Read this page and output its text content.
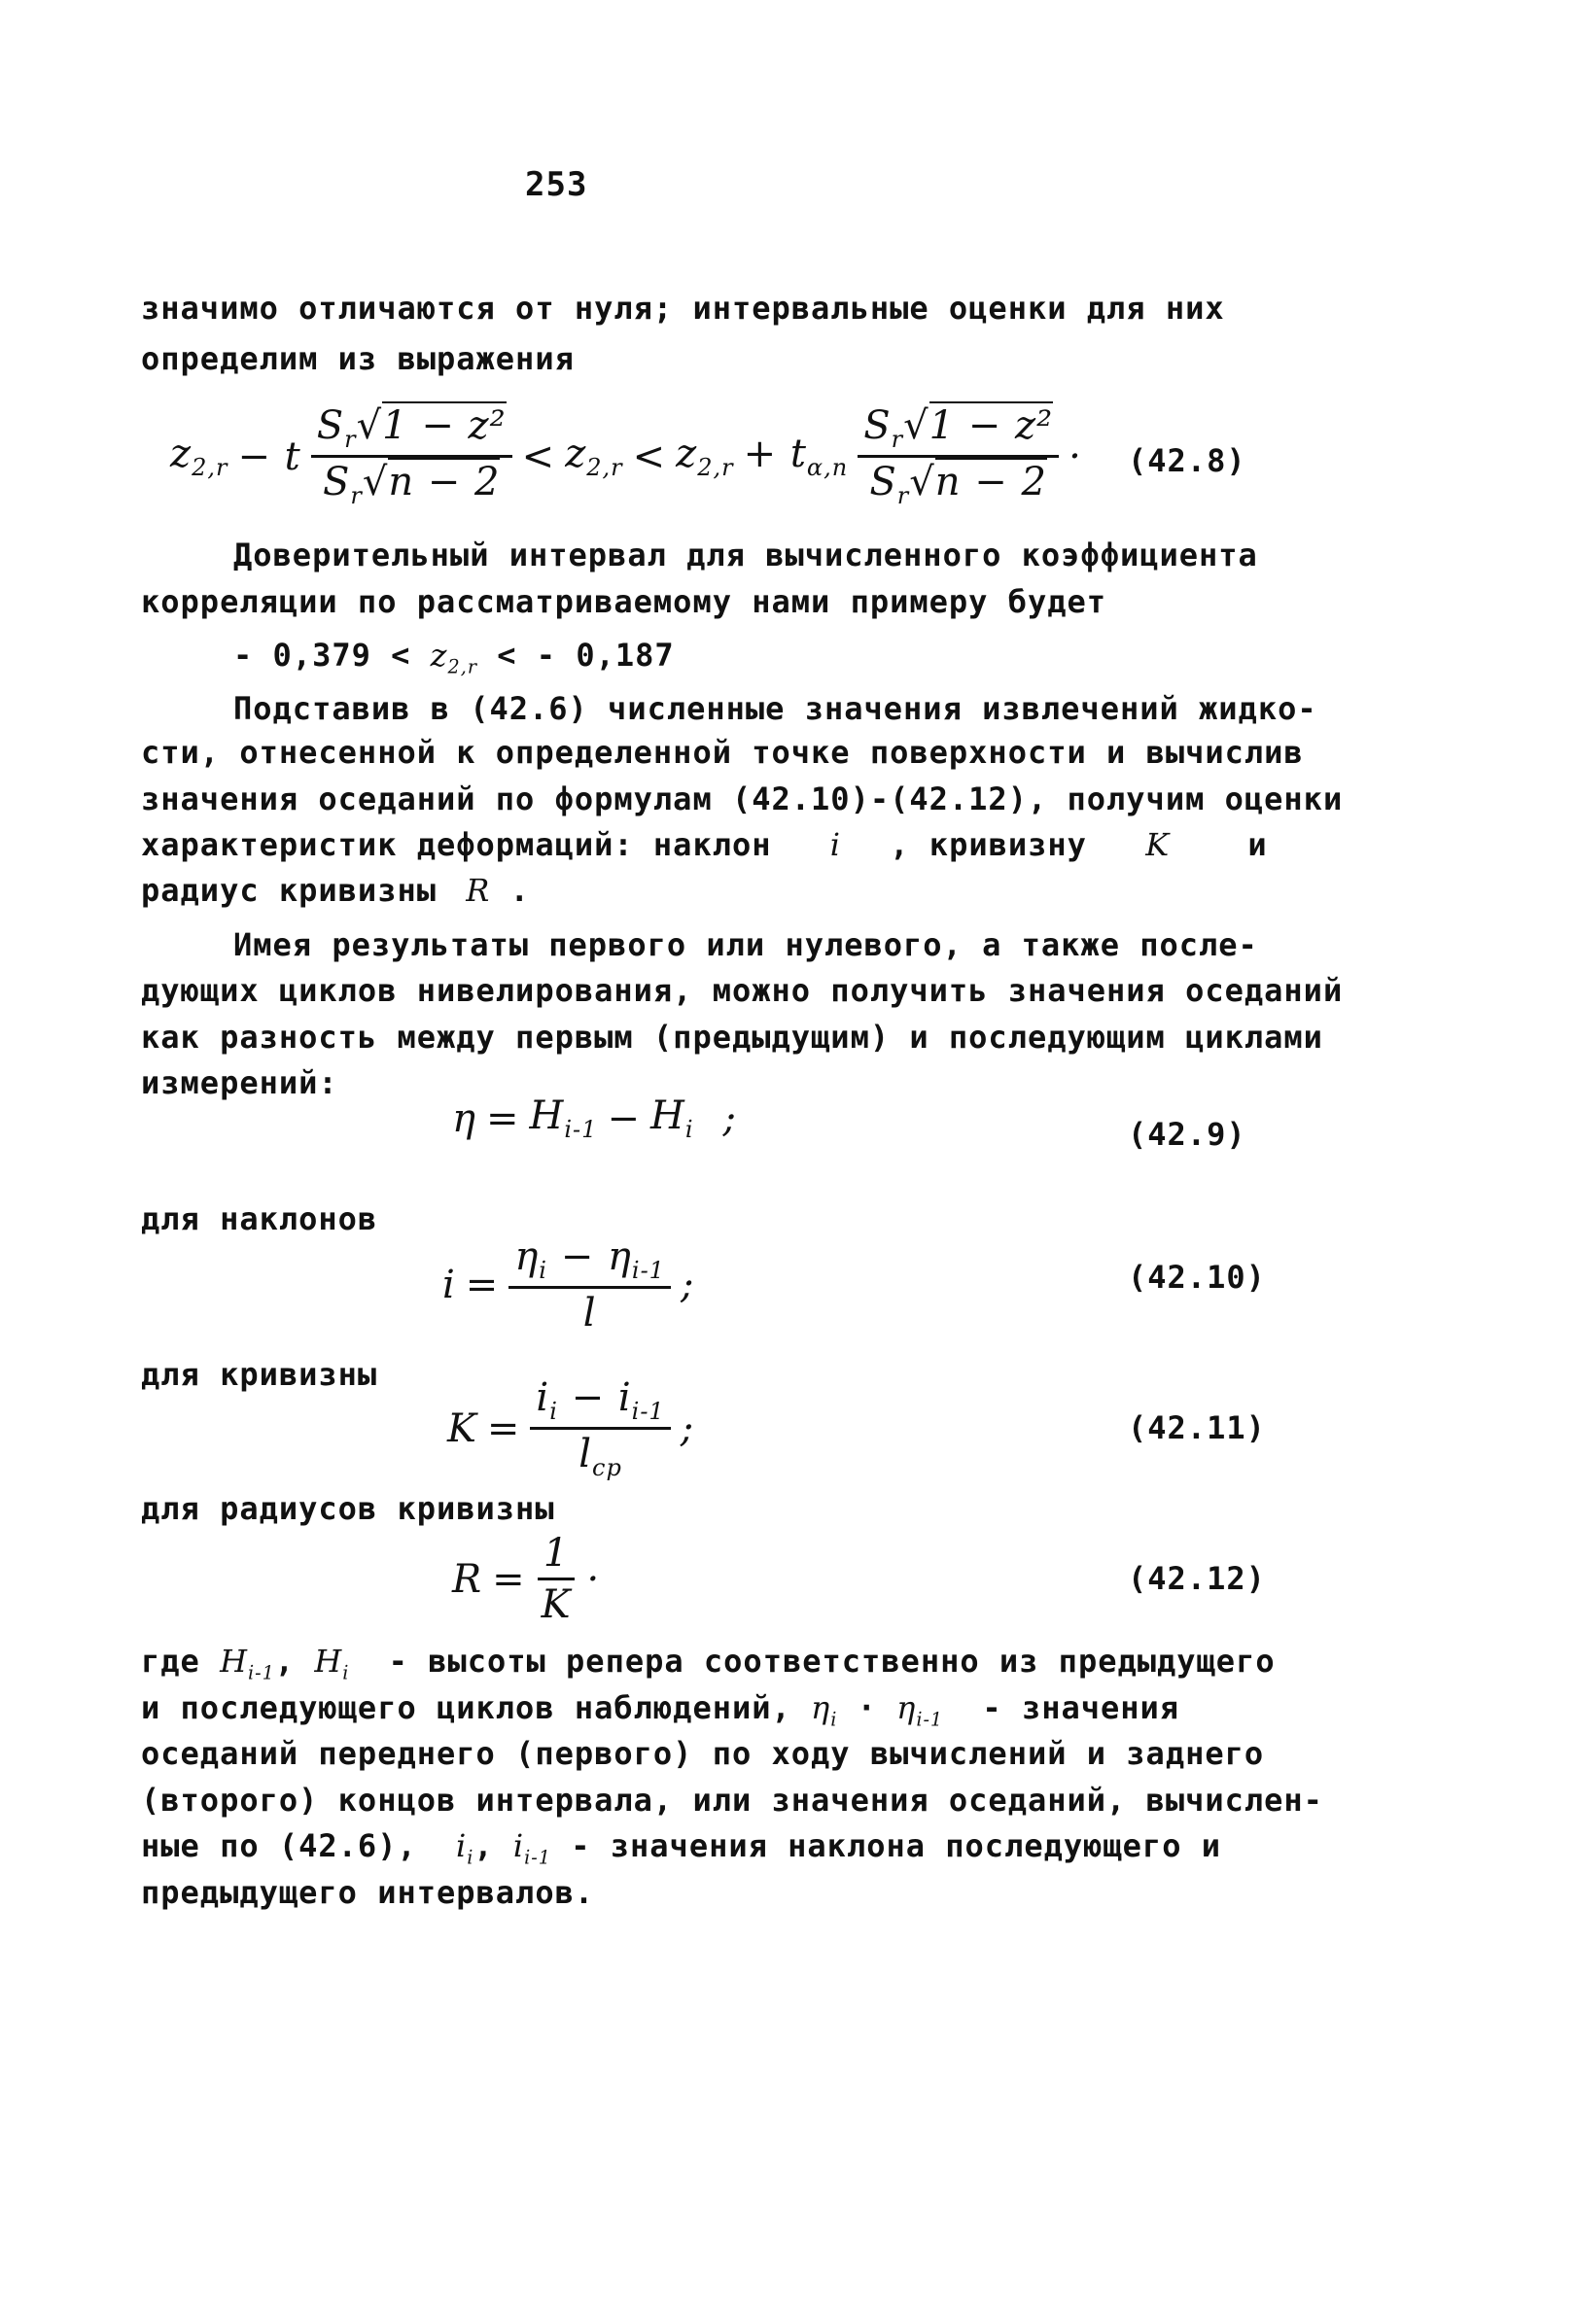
253
значимо отличаются от нуля; интервальные оценки для них
определим из выражения
$z_{2,r} - t \frac{S_r√1 - z^2}{S_r√n - 2} < z_{2,r} < z_{2,r} + t_{\alpha,n} \frac{S_r√1 - z^2}{S_r√n - 2} \cdot (42.8)$
Доверительный интервал для вычисленного коэффициента
корреляции по рассматриваемому нами примеру будет
- $0,379 < z_{2,r}$ < - 0,187
Подставив в (42.6) численные значения извлечений жидко-
сти, отнесенной к определенной точке поверхности и вычислив
значения оседаний по формулам (42.10)-(42.12), получим оценки
характеристик деформаций: наклон i , кривизну K	и
радиус кривизны R .
Имея результаты первого или нулевого, а также после-
дующих циклов нивелирования, можно получить значения оседаний
как разность между первым (предыдущим) и последующим циклами
измерений:
$\eta = H_{i-1} - H_i$ ;	(42.9)
для наклонов
$i = \frac{\eta_i - \eta_{i-1}}{l}$ ;	(42.10)
для кривизны
$K = \frac{i_i - i_{i-1}}{l_{ср}}$ ;	(42.11)
для радиусов кривизны
$R = \frac{1}{K}$ ·	(42.12)
где $H_{i-1}$, $H_i$ - высоты репера соответственно из предыдущего
и последующего циклов наблюдений, $\eta_i \cdot \eta_{i-1}$ - значения
оседаний переднего (первого) по ходу вычислений и заднего
(второго) концов интервала, или значения оседаний, вычислен-
ные по (42.6), $i_i$, $i_{i-1}$ - значения наклона последующего и
предыдущего интервалов.
